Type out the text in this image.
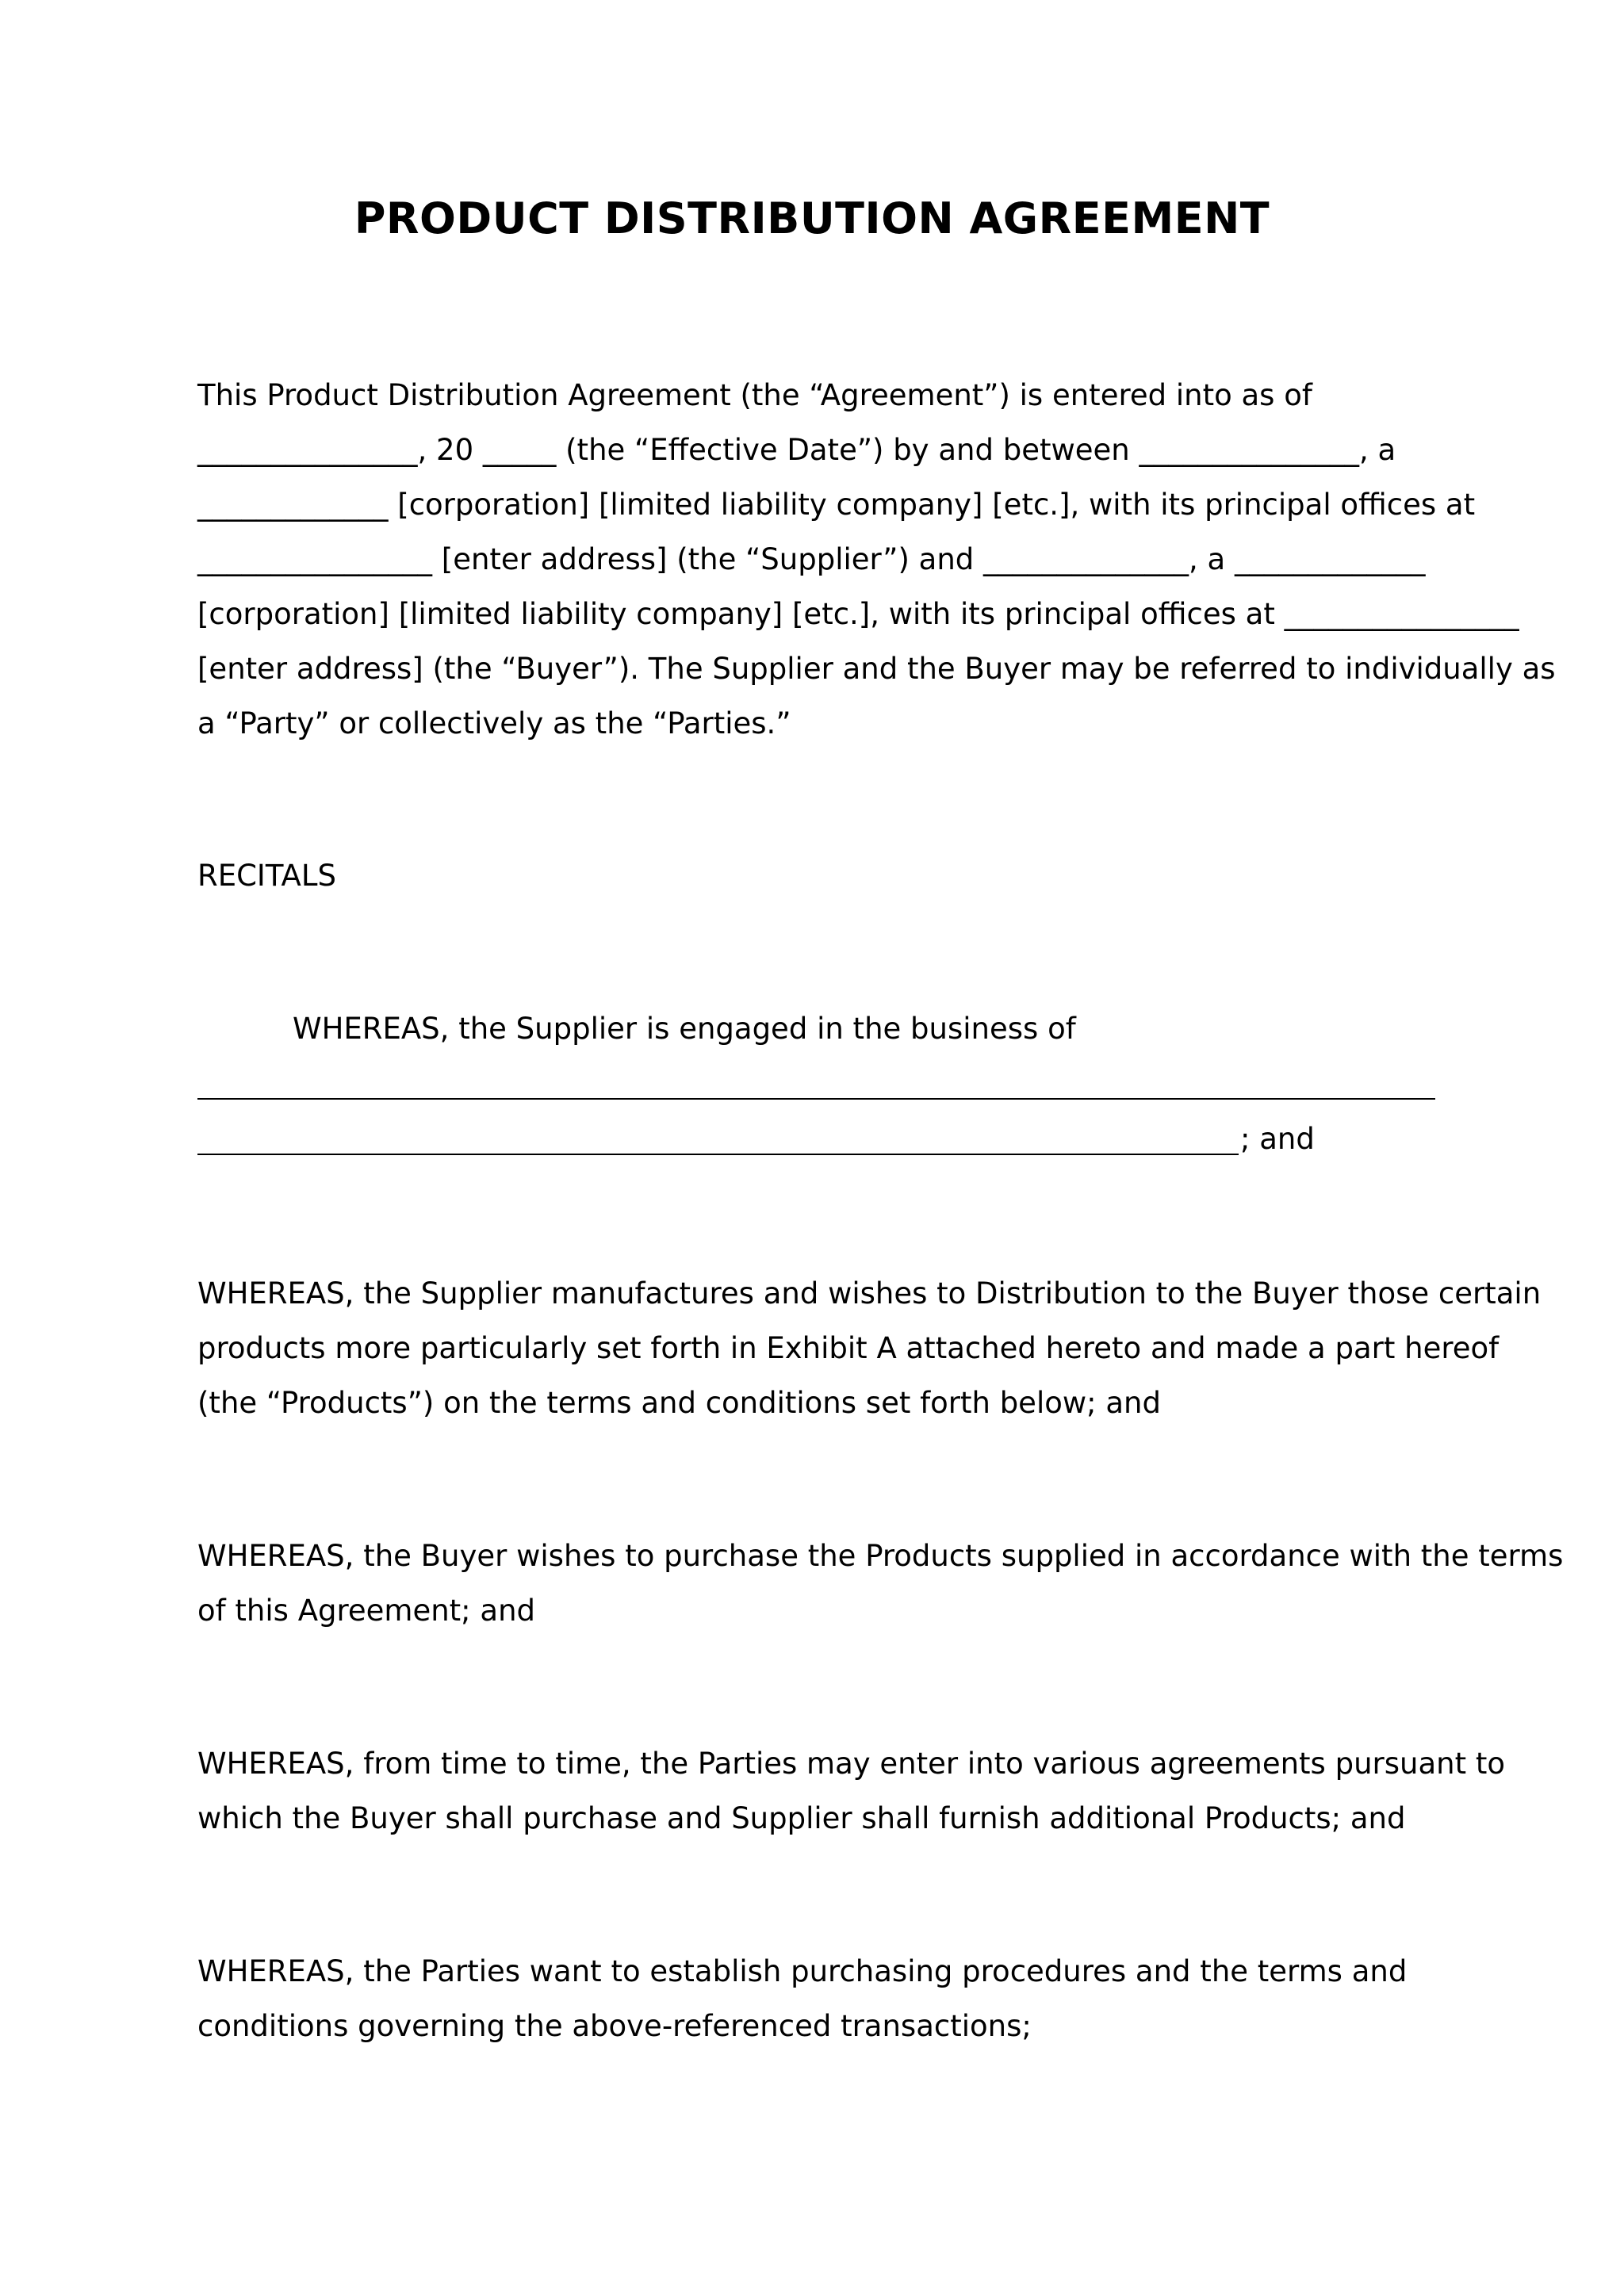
PRODUCT DISTRIBUTION AGREEMENT

This Product Distribution Agreement (the “Agreement”) is entered into as of

_______________, 20 _____ (the “Effective Date”) by and between _______________, a

_____________ [corporation] [limited liability company] [etc.], with its principal offices at

________________ [enter address] (the “Supplier”) and ______________, a _____________

[corporation] [limited liability company] [etc.], with its principal offices at ________________

[enter address] (the “Buyer”). The Supplier and the Buyer may be referred to individually as

a “Party” or collectively as the “Parties.”

RECITALS

WHEREAS, the Supplier is engaged in the business of

; and

WHEREAS, the Supplier manufactures and wishes to Distribution to the Buyer those certain

products more particularly set forth in Exhibit A attached hereto and made a part hereof

(the “Products”) on the terms and conditions set forth below; and

WHEREAS, the Buyer wishes to purchase the Products supplied in accordance with the terms

of this Agreement; and

WHEREAS, from time to time, the Parties may enter into various agreements pursuant to

which the Buyer shall purchase and Supplier shall furnish additional Products; and

WHEREAS, the Parties want to establish purchasing procedures and the terms and

conditions governing the above-referenced transactions;
